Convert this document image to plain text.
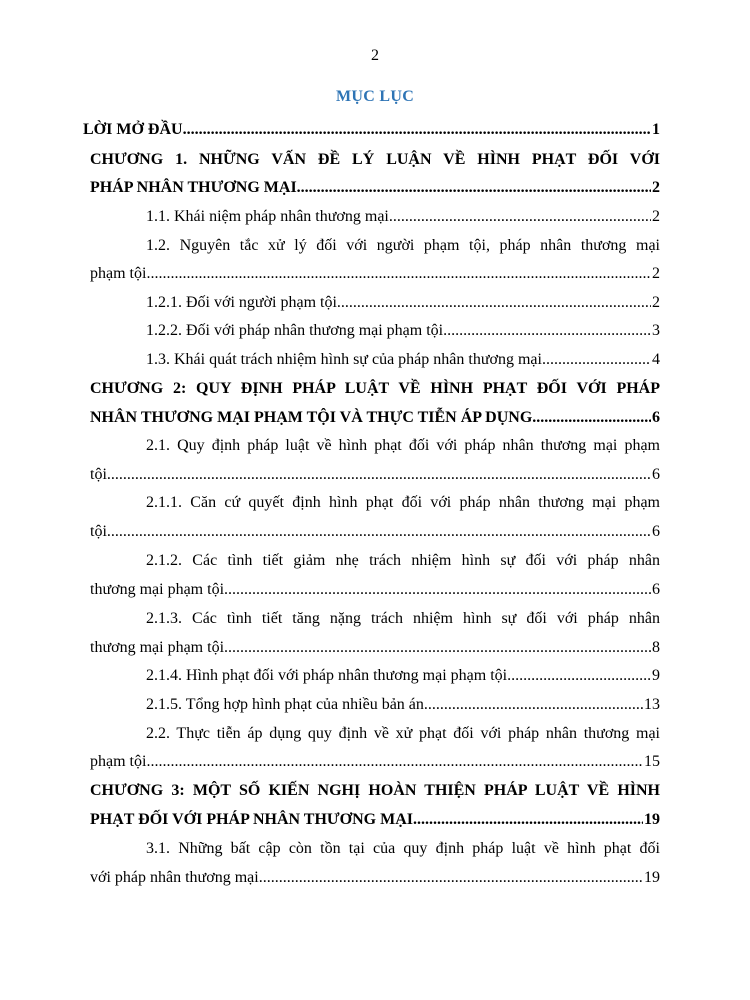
2
MỤC LỤC
LỜI MỞ ĐẦU .....	1
CHƯƠNG 1. NHỮNG VẤN ĐỀ LÝ LUẬN VỀ HÌNH PHẠT ĐỐI VỚI
PHÁP NHÂN THƯƠNG MẠI .....	2
1.1. Khái niệm pháp nhân thương mại .....	2
1.2. Nguyên tắc xử lý đối với người phạm tội, pháp nhân thương mại
phạm tội .....	2
1.2.1. Đối với người phạm tội .....	2
1.2.2. Đối với pháp nhân thương mại phạm tội .....	3
1.3. Khái quát trách nhiệm hình sự của pháp nhân thương mại .....	4
CHƯƠNG 2: QUY ĐỊNH PHÁP LUẬT VỀ HÌNH PHẠT ĐỐI VỚI PHÁP
NHÂN THƯƠNG MẠI PHẠM TỘI VÀ THỰC TIỄN ÁP DỤNG .....	6
2.1. Quy định pháp luật về hình phạt đối với pháp nhân thương mại phạm
tội .....	6
2.1.1. Căn cứ quyết định hình phạt đối với pháp nhân thương mại phạm
tội .....	6
2.1.2. Các tình tiết giảm nhẹ trách nhiệm hình sự đối với pháp nhân
thương mại phạm tội .....	6
2.1.3. Các tình tiết tăng nặng trách nhiệm hình sự đối với pháp nhân
thương mại phạm tội .....	8
2.1.4. Hình phạt đối với pháp nhân thương mại phạm tội .....	9
2.1.5. Tổng hợp hình phạt của nhiều bản án .....	13
2.2. Thực tiễn áp dụng quy định về xử phạt đối với pháp nhân thương mại
phạm tội .....	15
CHƯƠNG 3: MỘT SỐ KIẾN NGHỊ HOÀN THIỆN PHÁP LUẬT VỀ HÌNH
PHẠT ĐỐI VỚI PHÁP NHÂN THƯƠNG MẠI .....	19
3.1. Những bất cập còn tồn tại của quy định pháp luật về hình phạt đối
với pháp nhân thương mại .....	19
